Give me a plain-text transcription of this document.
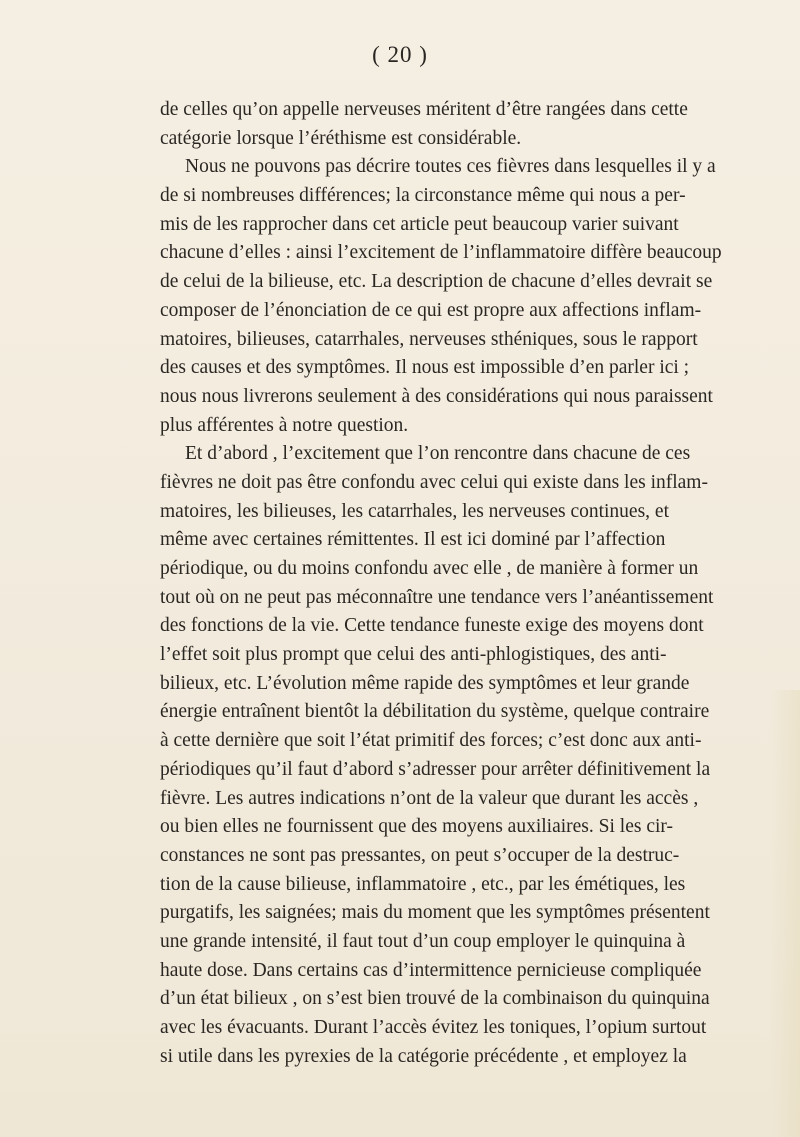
( 20 )
de celles qu’on appelle nerveuses méritent d’être rangées dans cette
catégorie lorsque l’éréthisme est considérable.
Nous ne pouvons pas décrire toutes ces fièvres dans lesquelles il y a
de si nombreuses différences; la circonstance même qui nous a per-
mis de les rapprocher dans cet article peut beaucoup varier suivant
chacune d’elles : ainsi l’excitement de l’inflammatoire diffère beaucoup
de celui de la bilieuse, etc. La description de chacune d’elles devrait se
composer de l’énonciation de ce qui est propre aux affections inflam-
matoires, bilieuses, catarrhales, nerveuses sthéniques, sous le rapport
des causes et des symptômes. Il nous est impossible d’en parler ici ;
nous nous livrerons seulement à des considérations qui nous paraissent
plus afférentes à notre question.
Et d’abord , l’excitement que l’on rencontre dans chacune de ces
fièvres ne doit pas être confondu avec celui qui existe dans les inflam-
matoires, les bilieuses, les catarrhales, les nerveuses continues, et
même avec certaines rémittentes. Il est ici dominé par l’affection
périodique, ou du moins confondu avec elle , de manière à former un
tout où on ne peut pas méconnaître une tendance vers l’anéantissement
des fonctions de la vie. Cette tendance funeste exige des moyens dont
l’effet soit plus prompt que celui des anti-phlogistiques, des anti-
bilieux, etc. L’évolution même rapide des symptômes et leur grande
énergie entraînent bientôt la débilitation du système, quelque contraire
à cette dernière que soit l’état primitif des forces; c’est donc aux anti-
périodiques qu’il faut d’abord s’adresser pour arrêter définitivement la
fièvre. Les autres indications n’ont de la valeur que durant les accès ,
ou bien elles ne fournissent que des moyens auxiliaires. Si les cir-
constances ne sont pas pressantes, on peut s’occuper de la destruc-
tion de la cause bilieuse, inflammatoire , etc., par les émétiques, les
purgatifs, les saignées; mais du moment que les symptômes présentent
une grande intensité, il faut tout d’un coup employer le quinquina à
haute dose. Dans certains cas d’intermittence pernicieuse compliquée
d’un état bilieux , on s’est bien trouvé de la combinaison du quinquina
avec les évacuants. Durant l’accès évitez les toniques, l’opium surtout
si utile dans les pyrexies de la catégorie précédente , et employez la
